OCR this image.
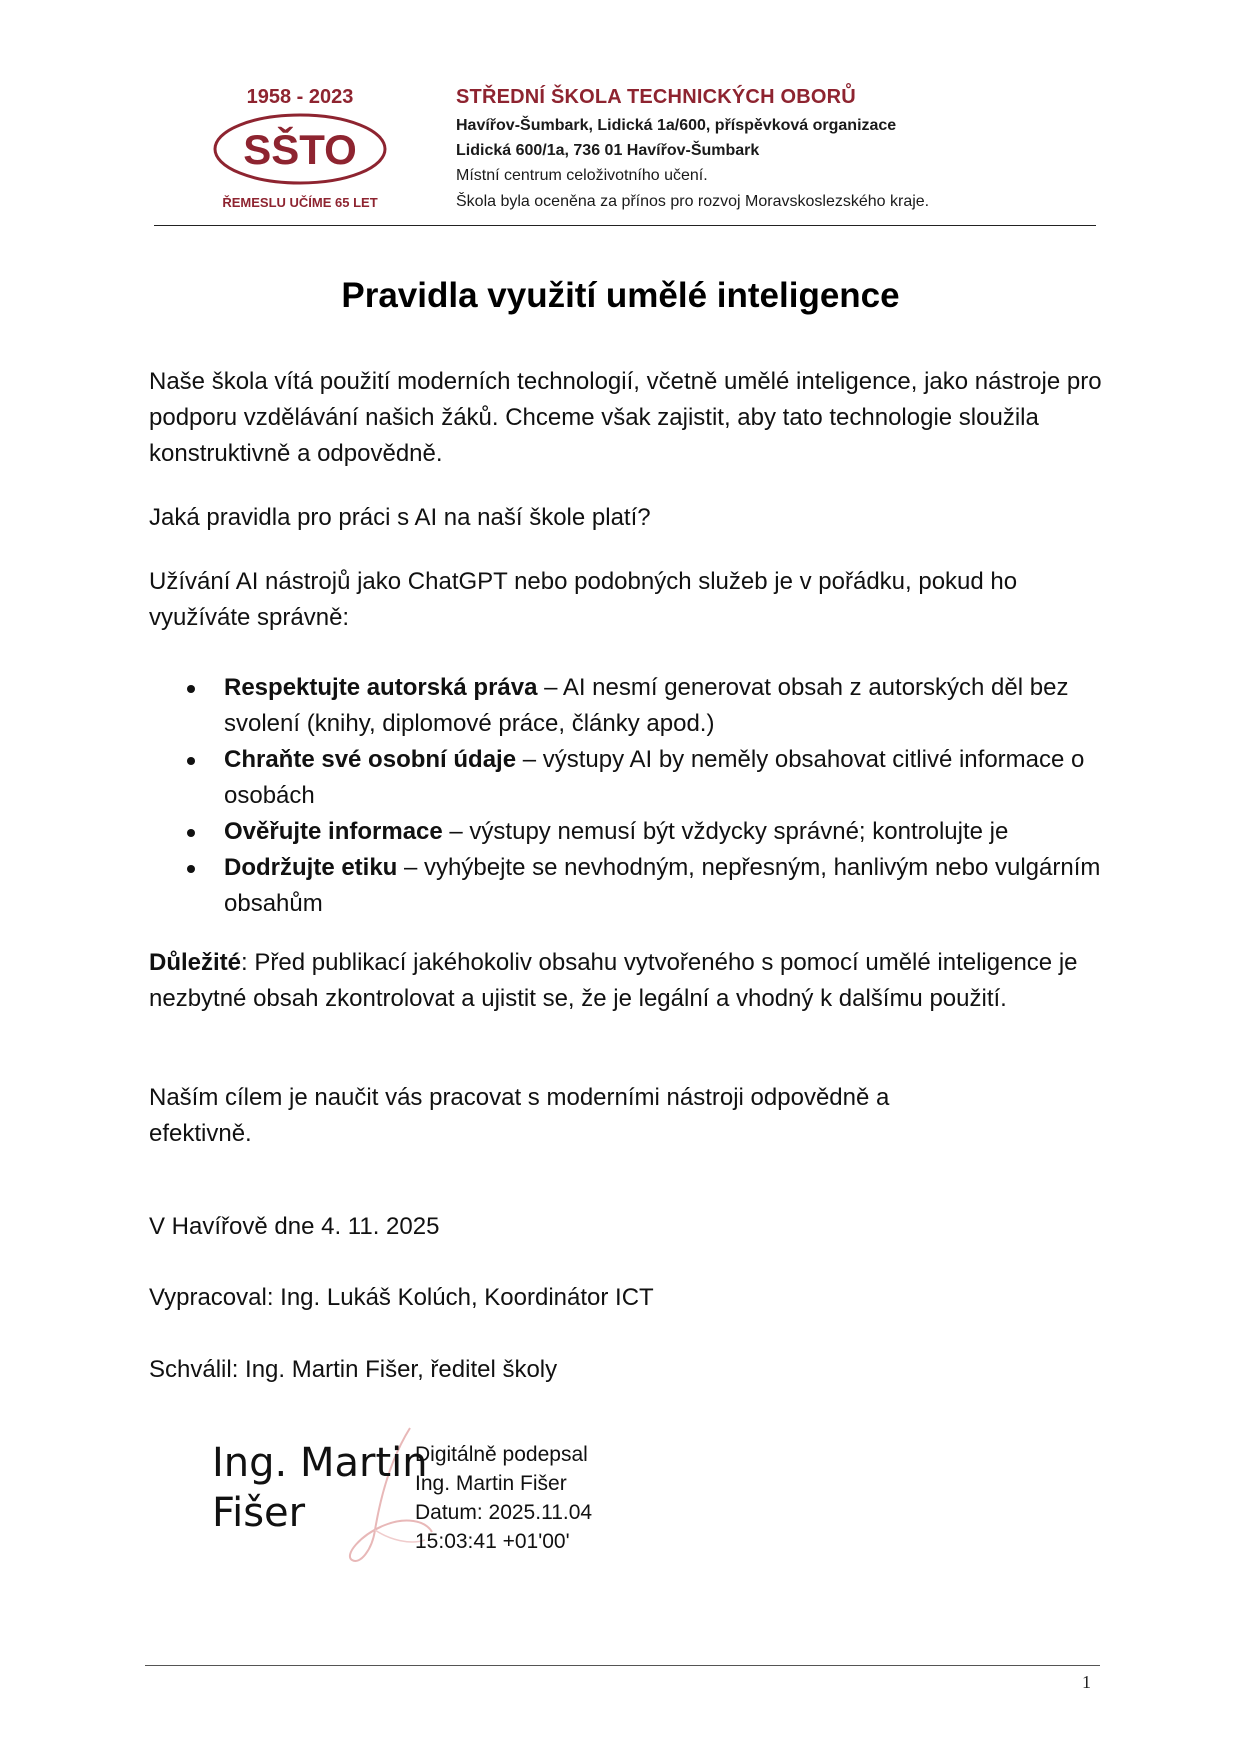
1958 - 2023
SŠTO
ŘEMESLU UČÍME 65 LET
STŘEDNÍ ŠKOLA TECHNICKÝCH OBORŮ
Havířov-Šumbark, Lidická 1a/600, příspěvková organizace
Lidická 600/1a, 736 01 Havířov-Šumbark
Místní centrum celoživotního učení.
Škola byla oceněna za přínos pro rozvoj Moravskoslezského kraje.
Pravidla využití umělé inteligence
Naše škola vítá použití moderních technologií, včetně umělé inteligence, jako nástroje pro podporu vzdělávání našich žáků. Chceme však zajistit, aby tato technologie sloužila konstruktivně a odpovědně.
Jaká pravidla pro práci s AI na naší škole platí?
Užívání AI nástrojů jako ChatGPT nebo podobných služeb je v pořádku, pokud ho využíváte správně:
Respektujte autorská práva – AI nesmí generovat obsah z autorských děl bez svolení (knihy, diplomové práce, články apod.)
Chraňte své osobní údaje – výstupy AI by neměly obsahovat citlivé informace o osobách
Ověřujte informace – výstupy nemusí být vždycky správné; kontrolujte je
Dodržujte etiku – vyhýbejte se nevhodným, nepřesným, hanlivým nebo vulgárním obsahům
Důležité: Před publikací jakéhokoliv obsahu vytvořeného s pomocí umělé inteligence je nezbytné obsah zkontrolovat a ujistit se, že je legální a vhodný k dalšímu použití.
Naším cílem je naučit vás pracovat s moderními nástroji odpovědně a efektivně.
V Havířově dne 4. 11. 2025
Vypracoval: Ing. Lukáš Kolúch, Koordinátor ICT
Schválil: Ing. Martin Fišer, ředitel školy
Ing. Martin
Fišer
Digitálně podepsal
Ing. Martin Fišer
Datum: 2025.11.04
15:03:41 +01'00'
1
